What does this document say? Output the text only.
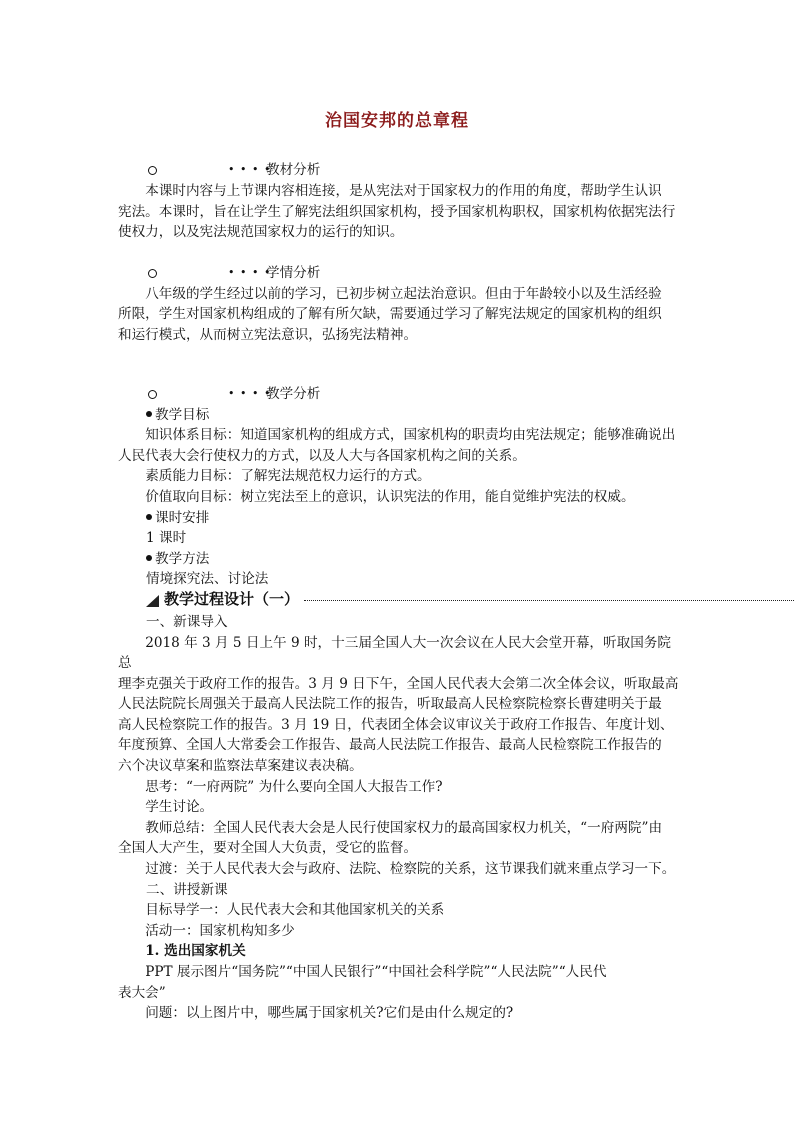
治国安邦的总章程
• • • •
教材分析

本课时内容与上节课内容相连接，是从宪法对于国家权力的作用的角度，帮助学生认识

宪法。本课时，旨在让学生了解宪法组织国家机构，授予国家机构职权，国家机构依据宪法行

使权力，以及宪法规范国家权力的运行的知识。

• • • •
学情分析

八年级的学生经过以前的学习，已初步树立起法治意识。但由于年龄较小以及生活经验

所限，学生对国家机构组成的了解有所欠缺，需要通过学习了解宪法规定的国家机构的组织

和运行模式，从而树立宪法意识，弘扬宪法精神。

• • • •
教学分析

教学目标

知识体系目标：知道国家机构的组成方式，国家机构的职责均由宪法规定；能够准确说出

人民代表大会行使权力的方式，以及人大与各国家机构之间的关系。

素质能力目标：了解宪法规范权力运行的方式。

价值取向目标：树立宪法至上的意识，认识宪法的作用，能自觉维护宪法的权威。

课时安排

1 课时

教学方法

情境探究法、讨论法

教学过程设计（一）

一、新课导入

2018 年 3 月 5 日上午 9 时，十三届全国人大一次会议在人民大会堂开幕，听取国务院总

理李克强关于政府工作的报告。3 月 9 日下午，全国人民代表大会第二次全体会议，听取最高

人民法院院长周强关于最高人民法院工作的报告，听取最高人民检察院检察长曹建明关于最

高人民检察院工作的报告。3 月 19 日，代表团全体会议审议关于政府工作报告、年度计划、

年度预算、全国人大常委会工作报告、最高人民法院工作报告、最高人民检察院工作报告的

六个决议草案和监察法草案建议表决稿。

思考：“一府两院” 为什么要向全国人大报告工作?

学生讨论。

教师总结：全国人民代表大会是人民行使国家权力的最高国家权力机关，“一府两院”由

全国人大产生，要对全国人大负责，受它的监督。

过渡：关于人民代表大会与政府、法院、检察院的关系，这节课我们就来重点学习一下。

二、讲授新课

目标导学一：人民代表大会和其他国家机关的关系

活动一：国家机构知多少

1. 选出国家机关

PPT 展示图片“国务院”“中国人民银行”“中国社会科学院”“人民法院”“人民代

表大会”

问题：以上图片中，哪些属于国家机关?它们是由什么规定的?
